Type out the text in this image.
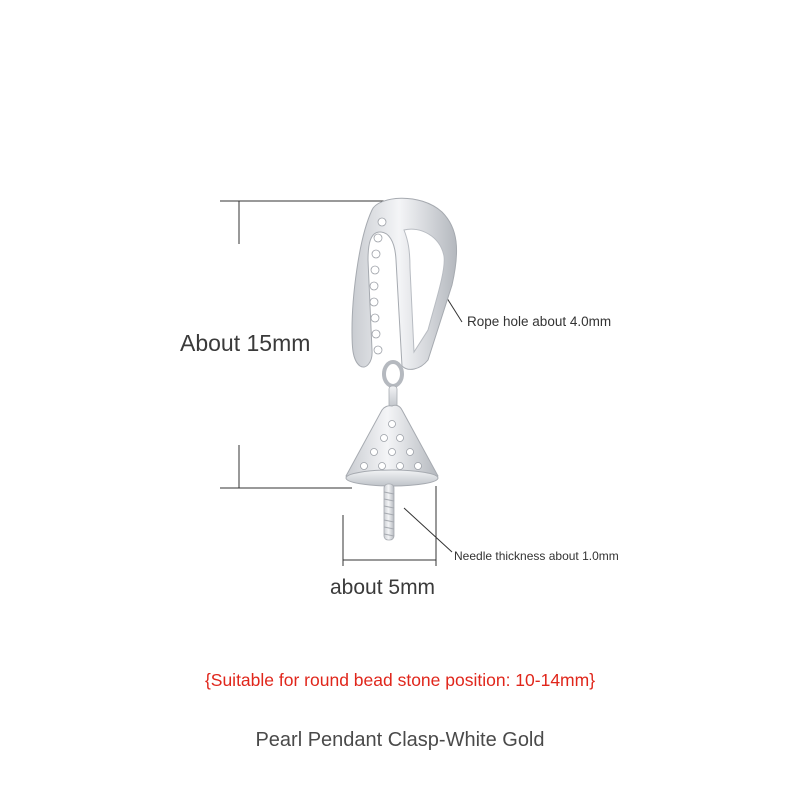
About 15mm
Rope hole about 4.0mm
Needle thickness about 1.0mm
about 5mm
{Suitable for round bead stone position: 10-14mm}
Pearl Pendant Clasp-White Gold
